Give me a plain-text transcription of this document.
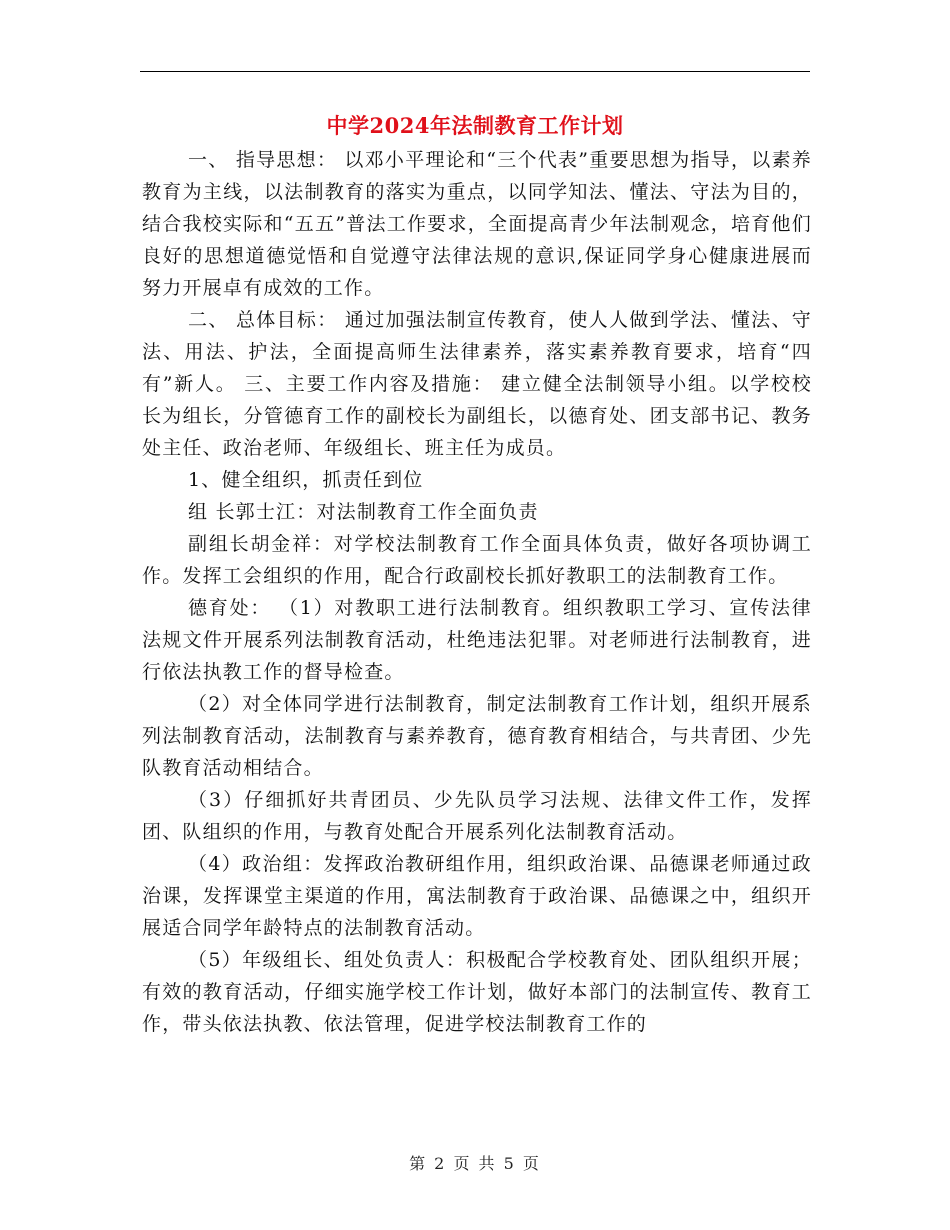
中学2024年法制教育工作计划

一、 指导思想： 以邓小平理论和“三个代表”重要思想为指导，以素养教育为主线，以法制教育的落实为重点，以同学知法、懂法、守法为目的，结合我校实际和“五五”普法工作要求，全面提高青少年法制观念，培育他们良好的思想道德觉悟和自觉遵守法律法规的意识,保证同学身心健康进展而努力开展卓有成效的工作。

二、 总体目标： 通过加强法制宣传教育，使人人做到学法、懂法、守法、用法、护法，全面提高师生法律素养，落实素养教育要求，培育“四有”新人。 三、主要工作内容及措施： 建立健全法制领导小组。以学校校长为组长，分管德育工作的副校长为副组长，以德育处、团支部书记、教务处主任、政治老师、年级组长、班主任为成员。

1、健全组织，抓责任到位

组 长郭士江：对法制教育工作全面负责

副组长胡金祥：对学校法制教育工作全面具体负责，做好各项协调工作。发挥工会组织的作用，配合行政副校长抓好教职工的法制教育工作。

德育处： （1）对教职工进行法制教育。组织教职工学习、宣传法律法规文件开展系列法制教育活动，杜绝违法犯罪。对老师进行法制教育，进行依法执教工作的督导检查。

（2）对全体同学进行法制教育，制定法制教育工作计划，组织开展系列法制教育活动，法制教育与素养教育，德育教育相结合，与共青团、少先队教育活动相结合。

（3）仔细抓好共青团员、少先队员学习法规、法律文件工作，发挥团、队组织的作用，与教育处配合开展系列化法制教育活动。

（4）政治组：发挥政治教研组作用，组织政治课、品德课老师通过政治课，发挥课堂主渠道的作用，寓法制教育于政治课、品德课之中，组织开展适合同学年龄特点的法制教育活动。

（5）年级组长、组处负责人：积极配合学校教育处、团队组织开展；有效的教育活动，仔细实施学校工作计划，做好本部门的法制宣传、教育工作，带头依法执教、依法管理，促进学校法制教育工作的

第 2 页 共 5 页
